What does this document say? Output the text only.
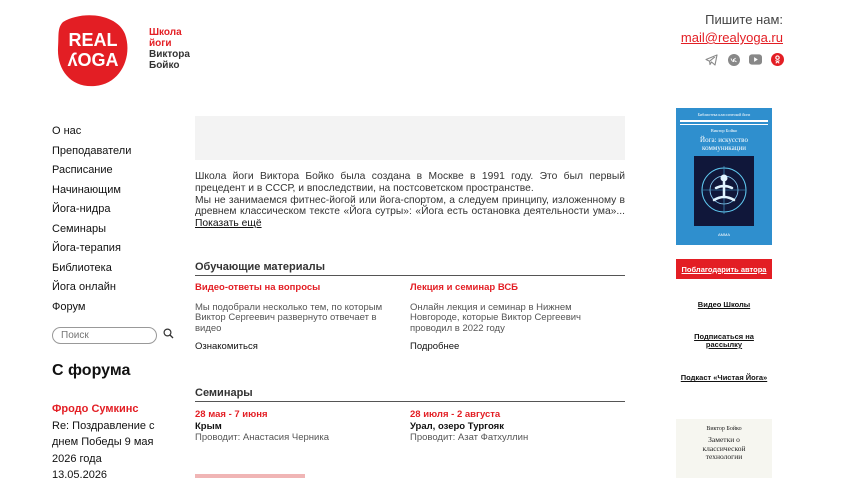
REAL
ʎOGA
Школа
йоги
Виктора
Бойко
Пишите нам:
mail@realyoga.ru
О нас
Преподаватели
Расписание
Начинающим
Йога-нидра
Семинары
Йога-терапия
Библиотека
Йога онлайн
Форум
Поиск
С форума
Фродо Сумкинс
Re: Поздравление с днем Победы 9 мая 2026 года
13.05.2026
Школа йоги Виктора Бойко была создана в Москве в 1991 году. Это был первый прецедент и в СССР, и впоследствии, на постсоветском пространстве.
Мы не занимаемся фитнес-йогой или йога-спортом, а следуем принципу, изложенному в древнем классическом тексте «Йога сутры»: «Йога есть остановка деятельности ума»... Показать ещё
Обучающие материалы
Видео-ответы на вопросы
Мы подобрали несколько тем, по которым Виктор Сергеевич развернуто отвечает в видео
Ознакомиться
Лекция и семинар ВСБ
Онлайн лекция и семинар в Нижнем Новгороде, которые Виктор Сергеевич проводил в 2022 году
Подробнее
Семинары
28 мая - 7 июня
Крым
Проводит: Анастасия Черника
28 июля - 2 августа
Урал, озеро Тургояк
Проводит: Азат Фатхуллин
Библиотека классической йоги
Виктор Бойко
Йога: искусство коммуникации
АММА
Поблагодарить автора
Видео Школы
Подписаться на рассылку
Подкаст «Чистая Йога»
Виктор Бойко
Заметки о классической технологии
